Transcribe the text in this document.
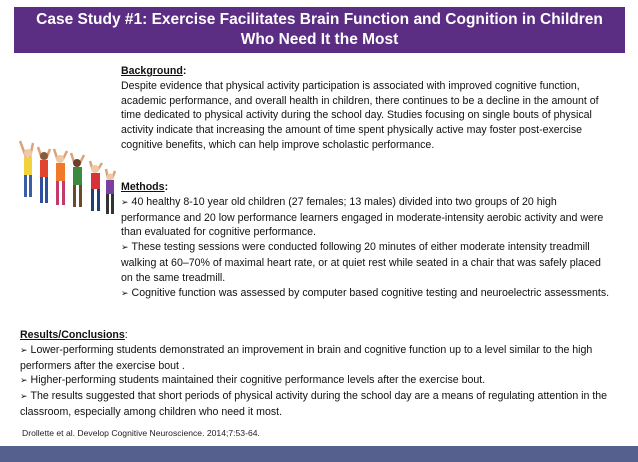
Case Study #1: Exercise Facilitates Brain Function and Cognition in Children
Who Need It the Most

Background:

Despite evidence that physical activity participation is associated with improved cognitive function, academic performance, and overall health in children, there continues to be a decline in the amount of time dedicated to physical activity during the school day. Studies focusing on single bouts of physical activity indicate that increasing the amount of time spent physically active may foster post-exercise cognitive benefits, which can help improve scholastic performance.

Methods:

➢ 40 healthy 8-10 year old children (27 females; 13 males) divided into two groups of 20 high performance and 20 low performance learners engaged in moderate-intensity aerobic activity and were than evaluated for cognitive performance.

➢ These testing sessions were conducted following 20 minutes of either moderate intensity treadmill walking at 60–70% of maximal heart rate, or at quiet rest while seated in a chair that was safely placed on the same treadmill.

➢ Cognitive function was assessed by computer based cognitive testing and neuroelectric assessments.

Results/Conclusions:

➢ Lower-performing students demonstrated an improvement in brain and cognitive function up to a level similar to the high performers after the exercise bout .

➢ Higher-performing students maintained their cognitive performance levels after the exercise bout.

➢ The results suggested that short periods of physical activity during the school day are a means of regulating attention in the classroom, especially among children who need it most.

Drollette et al. Develop Cognitive Neuroscience. 2014;7:53-64.
